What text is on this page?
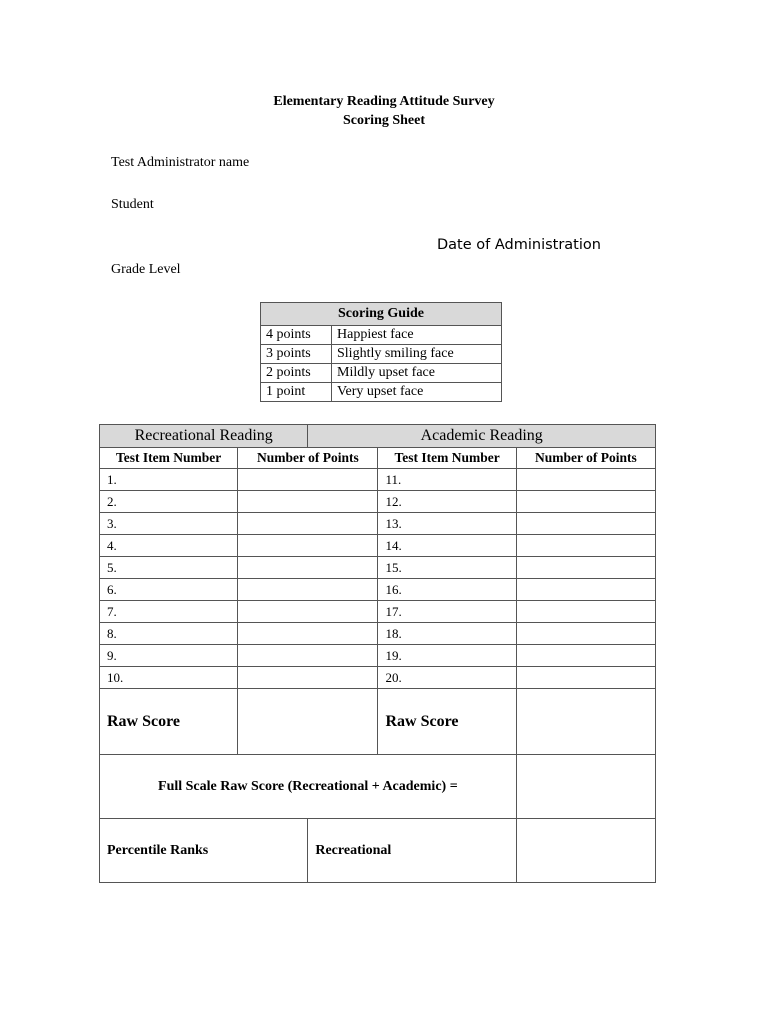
Elementary Reading Attitude Survey
Scoring Sheet
Test Administrator name
Student
Date of Administration
Grade Level
Scoring Guide	
4 points	Happiest face
3 points	Slightly smiling face
2 points	Mildly upset face
1 point	Very upset face
Recreational Reading		Academic Reading		
Test Item Number	Number of Points		Test Item Number	Number of Points
1.			11.	
2.			12.	
3.			13.	
4.			14.	
5.			15.	
6.			16.	
7.			17.	
8.			18.	
9.			19.	
10.			20.	
Raw Score			Raw Score	
Full Scale Raw Score (Recreational + Academic) =				
Percentile Ranks		Recreational		
